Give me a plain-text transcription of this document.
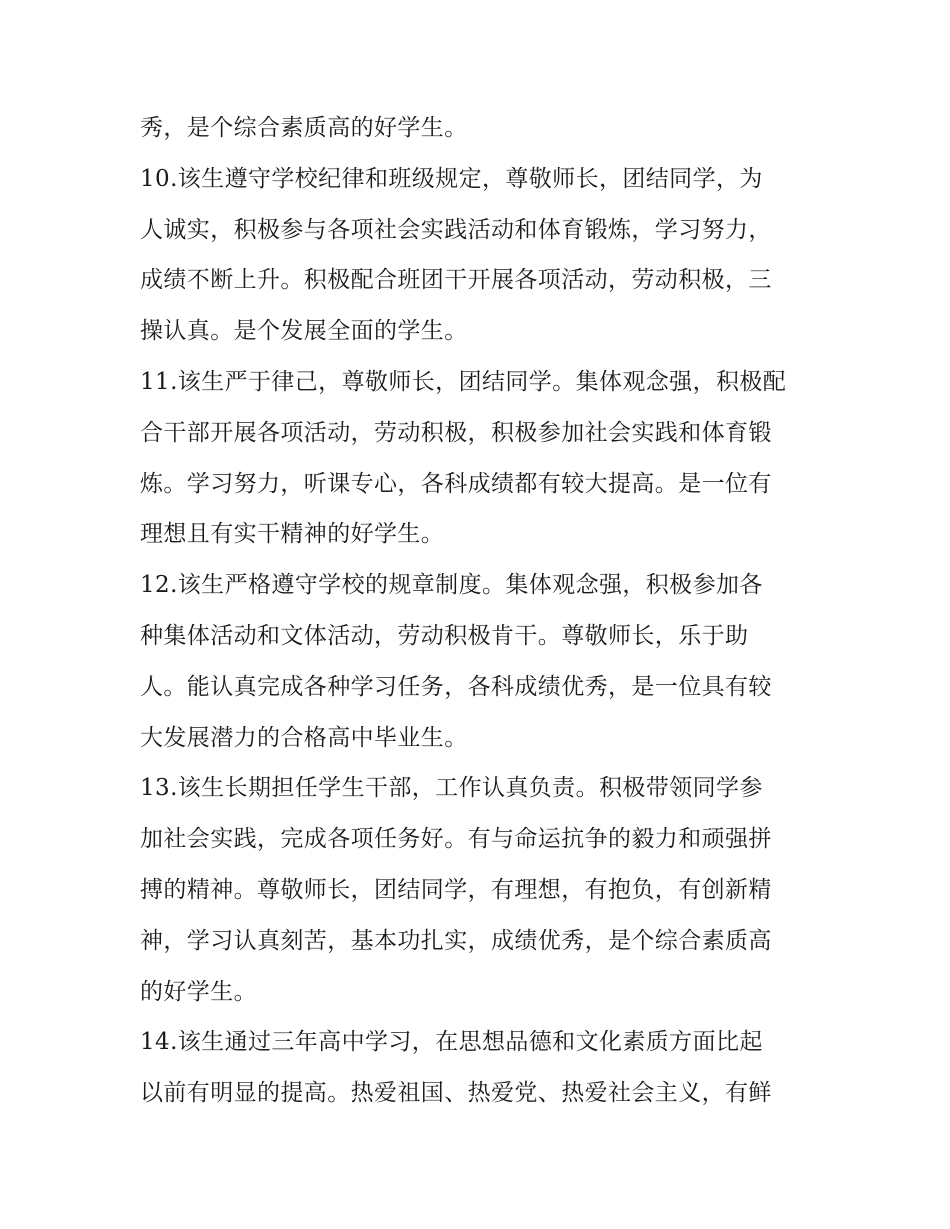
秀，是个综合素质高的好学生。
10.该生遵守学校纪律和班级规定，尊敬师长，团结同学，为
人诚实，积极参与各项社会实践活动和体育锻炼，学习努力，
成绩不断上升。积极配合班团干开展各项活动，劳动积极，三
操认真。是个发展全面的学生。
11.该生严于律己，尊敬师长，团结同学。集体观念强，积极配
合干部开展各项活动，劳动积极，积极参加社会实践和体育锻
炼。学习努力，听课专心，各科成绩都有较大提高。是一位有
理想且有实干精神的好学生。
12.该生严格遵守学校的规章制度。集体观念强，积极参加各
种集体活动和文体活动，劳动积极肯干。尊敬师长，乐于助
人。能认真完成各种学习任务，各科成绩优秀，是一位具有较
大发展潜力的合格高中毕业生。
13.该生长期担任学生干部，工作认真负责。积极带领同学参
加社会实践，完成各项任务好。有与命运抗争的毅力和顽强拼
搏的精神。尊敬师长，团结同学，有理想，有抱负，有创新精
神，学习认真刻苦，基本功扎实，成绩优秀，是个综合素质高
的好学生。
14.该生通过三年高中学习，在思想品德和文化素质方面比起
以前有明显的提高。热爱祖国、热爱党、热爱社会主义，有鲜
